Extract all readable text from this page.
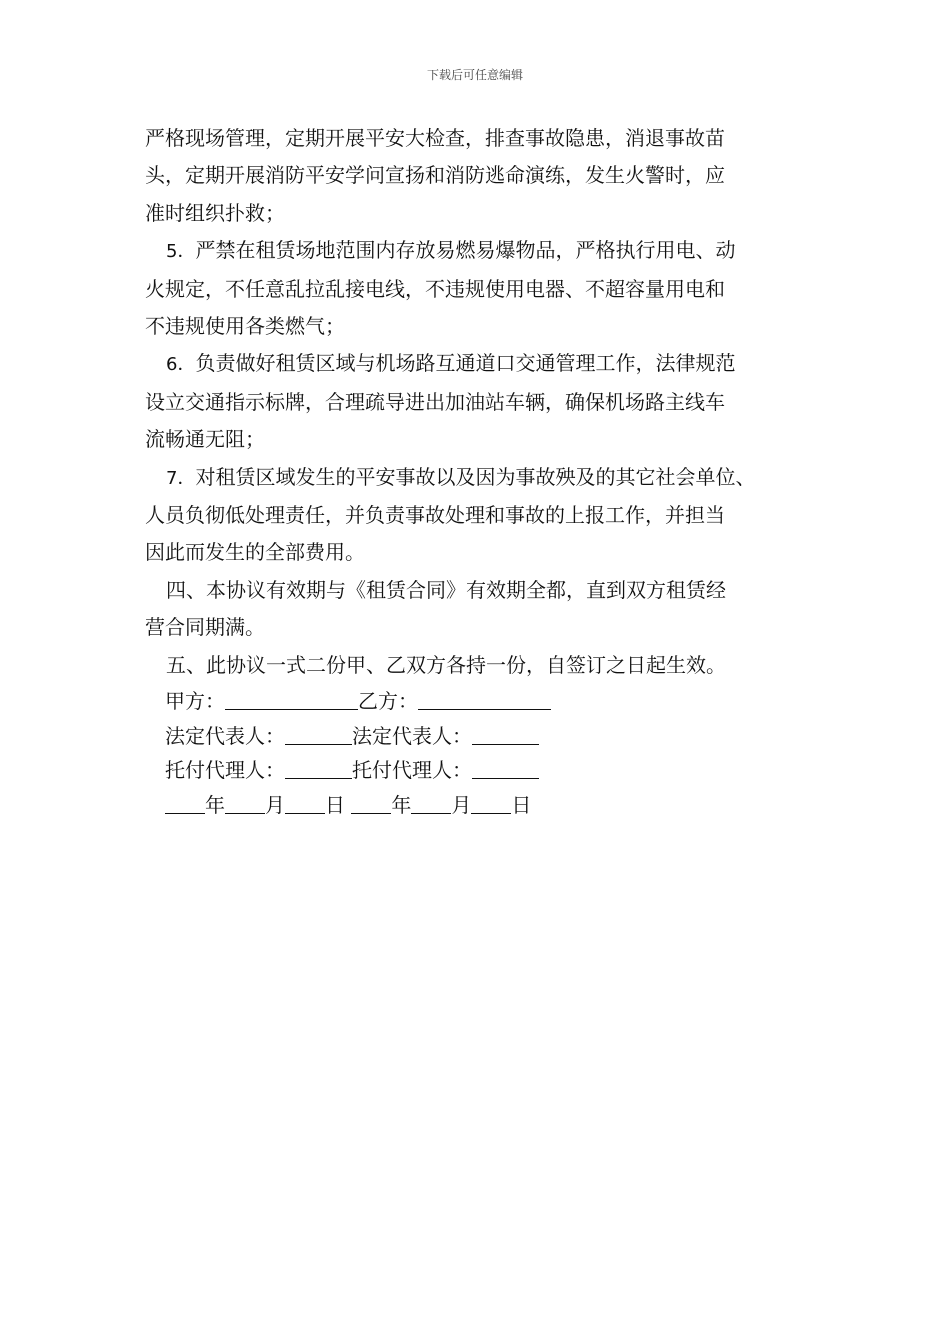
下载后可任意编辑

严格现场管理，定期开展平安大检查，排查事故隐患，消退事故苗

头，定期开展消防平安学问宣扬和消防逃命演练，发生火警时，应

准时组织扑救；

5．严禁在租赁场地范围内存放易燃易爆物品，严格执行用电、动

火规定，不任意乱拉乱接电线，不违规使用电器、不超容量用电和

不违规使用各类燃气；

6．负责做好租赁区域与机场路互通道口交通管理工作，法律规范

设立交通指示标牌，合理疏导进出加油站车辆，确保机场路主线车

流畅通无阻；

7．对租赁区域发生的平安事故以及因为事故殃及的其它社会单位、

人员负彻低处理责任，并负责事故处理和事故的上报工作，并担当

因此而发生的全部费用。

四、本协议有效期与《租赁合同》有效期全都，直到双方租赁经

营合同期满。

五、此协议一式二份甲、乙双方各持一份，自签订之日起生效。

甲方：	乙方：
法定代表人：	法定代表人：
托付代理人：	托付代理人：
年 月 日 年 月 日
